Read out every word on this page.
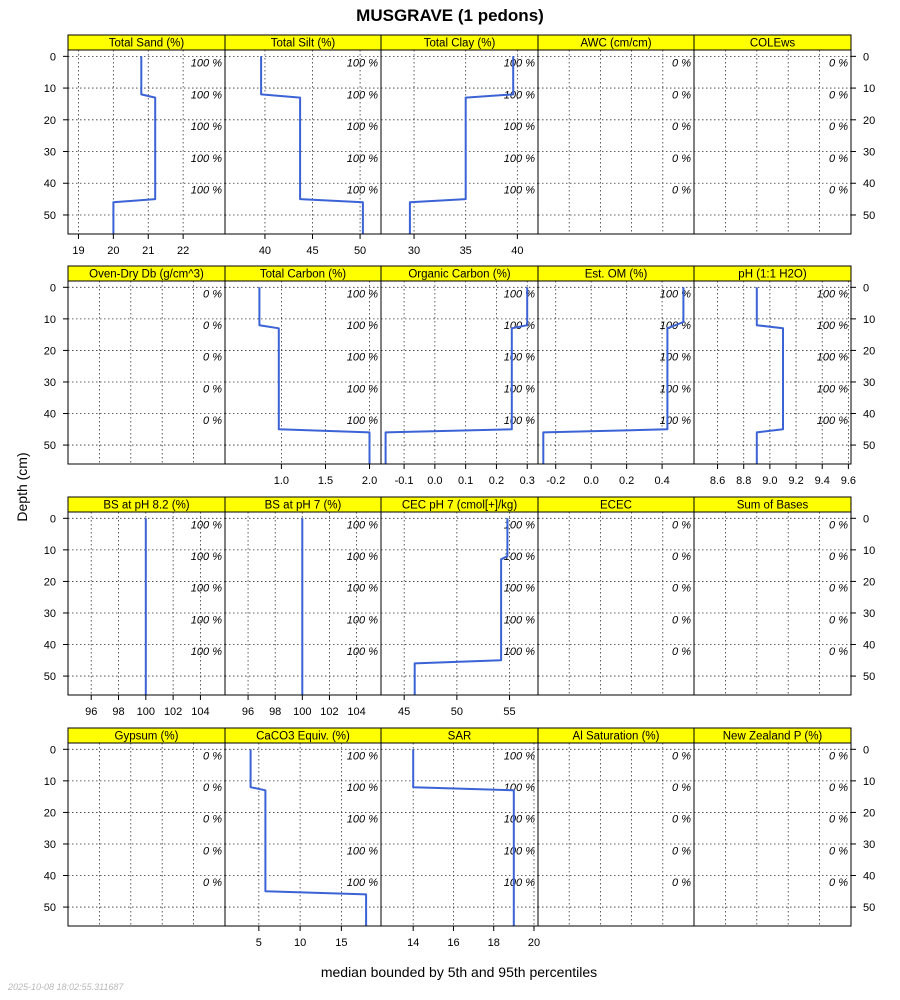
MUSGRAVE (1 pedons)
Depth (cm)
median bounded by 5th and 95th percentiles
2025-10-08 18:02:55.311687
Total Sand (%)
100 %
100 %
100 %
100 %
100 %
19 20 21 22
0
10
20
30
40
50
Total Silt (%)
100 %
100 %
100 %
100 %
100 %
40	45	50
Total Clay (%)
100 %
100 %
100 %
100 %
100 %
30	35	40
AWC (cm/cm)
0 %
0 %
0 %
0 %
0 %
COLEws
0 %
0 %
0 %
0 %
0 %
0
10
20
30
40
50
Oven-Dry Db (g/cm^3)
0 %
0 %
0 %
0 %
0 %
0
10
20
30
40
50
Total Carbon (%)
100 %
100 %
100 %
100 %
100 %
1.0	1.5	2.0
Organic Carbon (%)
100 %
100 %
100 %
100 %
100 %
-0.1 0.0 0.1 0.2 0.3
Est. OM (%)
100 %
100 %
100 %
100 %
100 %
-0.2 0.0 0.2 0.4
pH (1:1 H2O)
100 %
100 %
100 %
100 %
100 %
8.6 8.8 9.0 9.2 9.4 9.6
0
10
20
30
40
50
BS at pH 8.2 (%)
100 %
100 %
100 %
100 %
100 %
96 98 100 102 104
0
10
20
30
40
50
BS at pH 7 (%)
100 %
100 %
100 %
100 %
100 %
96 98 100 102 104
CEC pH 7 (cmol[+]/kg)
100 %
100 %
100 %
100 %
100 %
45	50	55
ECEC
0 %
0 %
0 %
0 %
0 %
Sum of Bases
0 %
0 %
0 %
0 %
0 %
0
10
20
30
40
50
Gypsum (%)
0 %
0 %
0 %
0 %
0 %
0
10
20
30
40
50
CaCO3 Equiv. (%)
100 %
100 %
100 %
100 %
100 %
5	10	15
SAR
100 %
100 %
100 %
100 %
100 %
14	16	18	20
Al Saturation (%)
0 %
0 %
0 %
0 %
0 %
New Zealand P (%)
0 %
0 %
0 %
0 %
0 %
0
10
20
30
40
50
